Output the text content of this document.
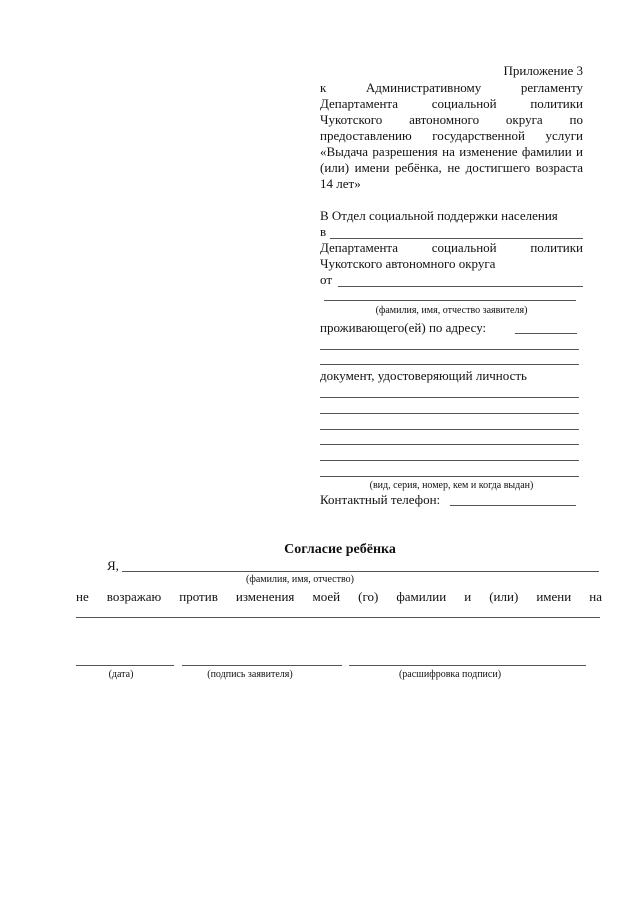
Приложение 3
к Административному регламенту Департамента социальной политики Чукотского автономного округа по предоставлению государственной услуги «Выдача разрешения на изменение фамилии и (или) имени ребёнка, не достигшего возраста 14 лет»
В Отдел социальной поддержки населения
в
Департамента социальной политики
Чукотского автономного округа
от
(фамилия, имя, отчество заявителя)
проживающего(ей) по адресу:
документ, удостоверяющий личность
(вид, серия, номер, кем и когда выдан)
Контактный телефон:
Согласие ребёнка
Я,
(фамилия, имя, отчество)
не возражаю против изменения моей (го) фамилии и (или) имени на
(дата)	(подпись заявителя)	(расшифровка подписи)
